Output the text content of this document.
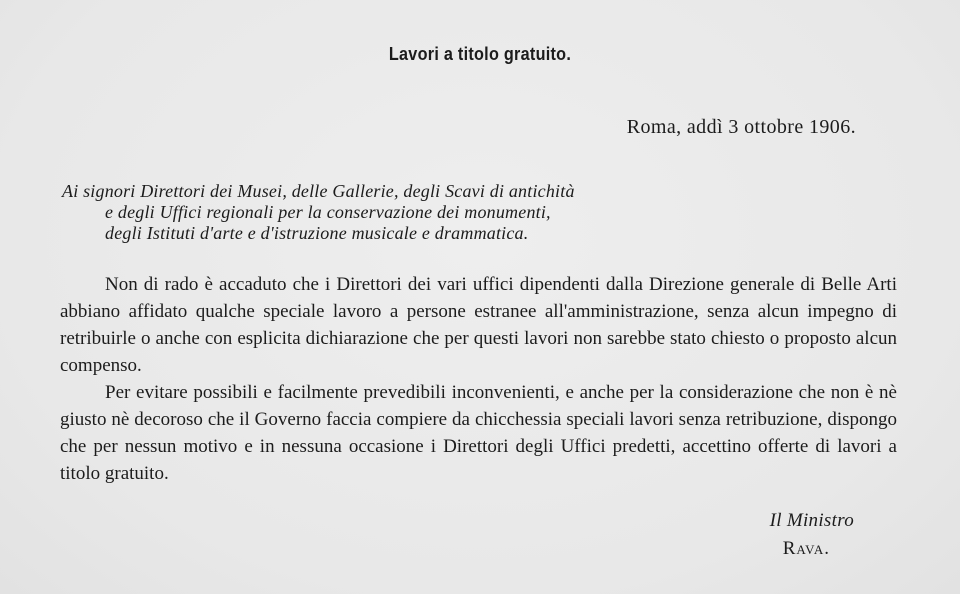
Lavori a titolo gratuito.
Roma, addì 3 ottobre 1906.
Ai signori Direttori dei Musei, delle Gallerie, degli Scavi di antichità
e degli Uffici regionali per la conservazione dei monumenti,
degli Istituti d'arte e d'istruzione musicale e drammatica.

Non di rado è accaduto che i Direttori dei vari uffici dipendenti dalla Direzione generale di Belle Arti abbiano affidato qualche speciale lavoro a persone estranee all'amministrazione, senza alcun impegno di retribuirle o anche con esplicita dichiarazione che per questi lavori non sarebbe stato chiesto o proposto alcun compenso.

Per evitare possibili e facilmente prevedibili inconvenienti, e anche per la considerazione che non è nè giusto nè decoroso che il Governo faccia compiere da chicchessia speciali lavori senza retribuzione, dispongo che per nessun motivo e in nessuna occasione i Direttori degli Uffici predetti, accettino offerte di lavori a titolo gratuito.

Il Ministro
Rava.
